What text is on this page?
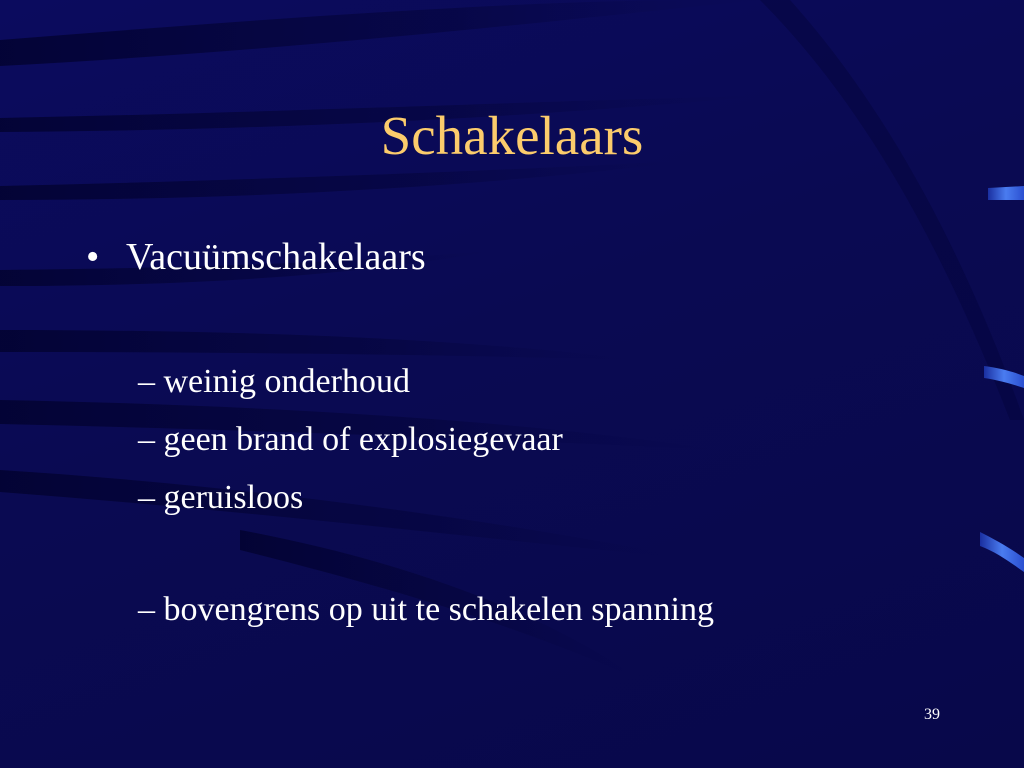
Schakelaars
• Vacuümschakelaars
– weinig onderhoud
– geen brand of explosiegevaar
– geruisloos
– bovengrens op uit te schakelen spanning
39
